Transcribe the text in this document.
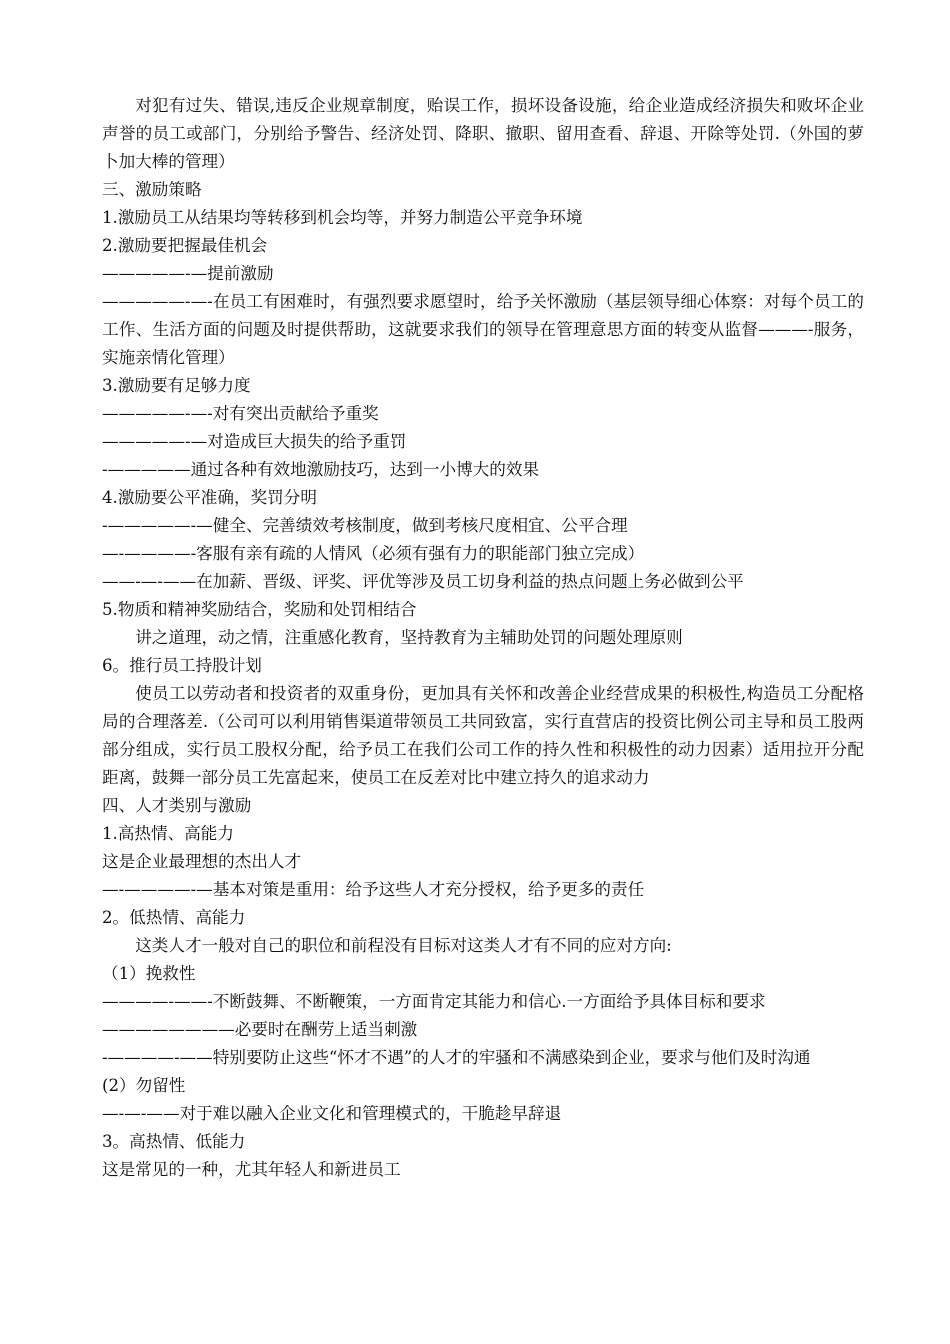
对犯有过失、错误,违反企业规章制度，贻误工作，损坏设备设施，给企业造成经济损失和败坏企业声誉的员工或部门，分别给予警告、经济处罚、降职、撤职、留用查看、辞退、开除等处罚.（外国的萝卜加大棒的管理）

三、激励策略

1.激励员工从结果均等转移到机会均等，并努力制造公平竞争环境

2.激励要把握最佳机会

—————-—提前激励

—————-—-在员工有困难时，有强烈要求愿望时，给予关怀激励（基层领导细心体察：对每个员工的工作、生活方面的问题及时提供帮助，这就要求我们的领导在管理意思方面的转变从监督———-服务，实施亲情化管理）

3.激励要有足够力度

—————-—-对有突出贡献给予重奖

—————-—对造成巨大损失的给予重罚

-—————通过各种有效地激励技巧，达到一小博大的效果

4.激励要公平准确，奖罚分明

-—————-—健全、完善绩效考核制度，做到考核尺度相宜、公平合理

—-————-客服有亲有疏的人情风（必须有强有力的职能部门独立完成）

——-—-——在加薪、晋级、评奖、评优等涉及员工切身利益的热点问题上务必做到公平

5.物质和精神奖励结合，奖励和处罚相结合

讲之道理，动之情，注重感化教育，坚持教育为主辅助处罚的问题处理原则

6。推行员工持股计划

使员工以劳动者和投资者的双重身份，更加具有关怀和改善企业经营成果的积极性,构造员工分配格局的合理落差.（公司可以利用销售渠道带领员工共同致富，实行直营店的投资比例公司主导和员工股两部分组成，实行员工股权分配，给予员工在我们公司工作的持久性和积极性的动力因素）适用拉开分配距离，鼓舞一部分员工先富起来，使员工在反差对比中建立持久的追求动力

四、人才类别与激励

1.高热情、高能力

这是企业最理想的杰出人才

—-————-—基本对策是重用：给予这些人才充分授权，给予更多的责任

2。低热情、高能力

这类人才一般对自己的职位和前程没有目标对这类人才有不同的应对方向:

（1）挽救性

————-——-不断鼓舞、不断鞭策，一方面肯定其能力和信心.一方面给予具体目标和要求

————————必要时在酬劳上适当刺激

-————-——特别要防止这些“怀才不遇”的人才的牢骚和不满感染到企业，要求与他们及时沟通

(2）勿留性

—-—-——对于难以融入企业文化和管理模式的，干脆趁早辞退

3。高热情、低能力

这是常见的一种，尤其年轻人和新进员工
